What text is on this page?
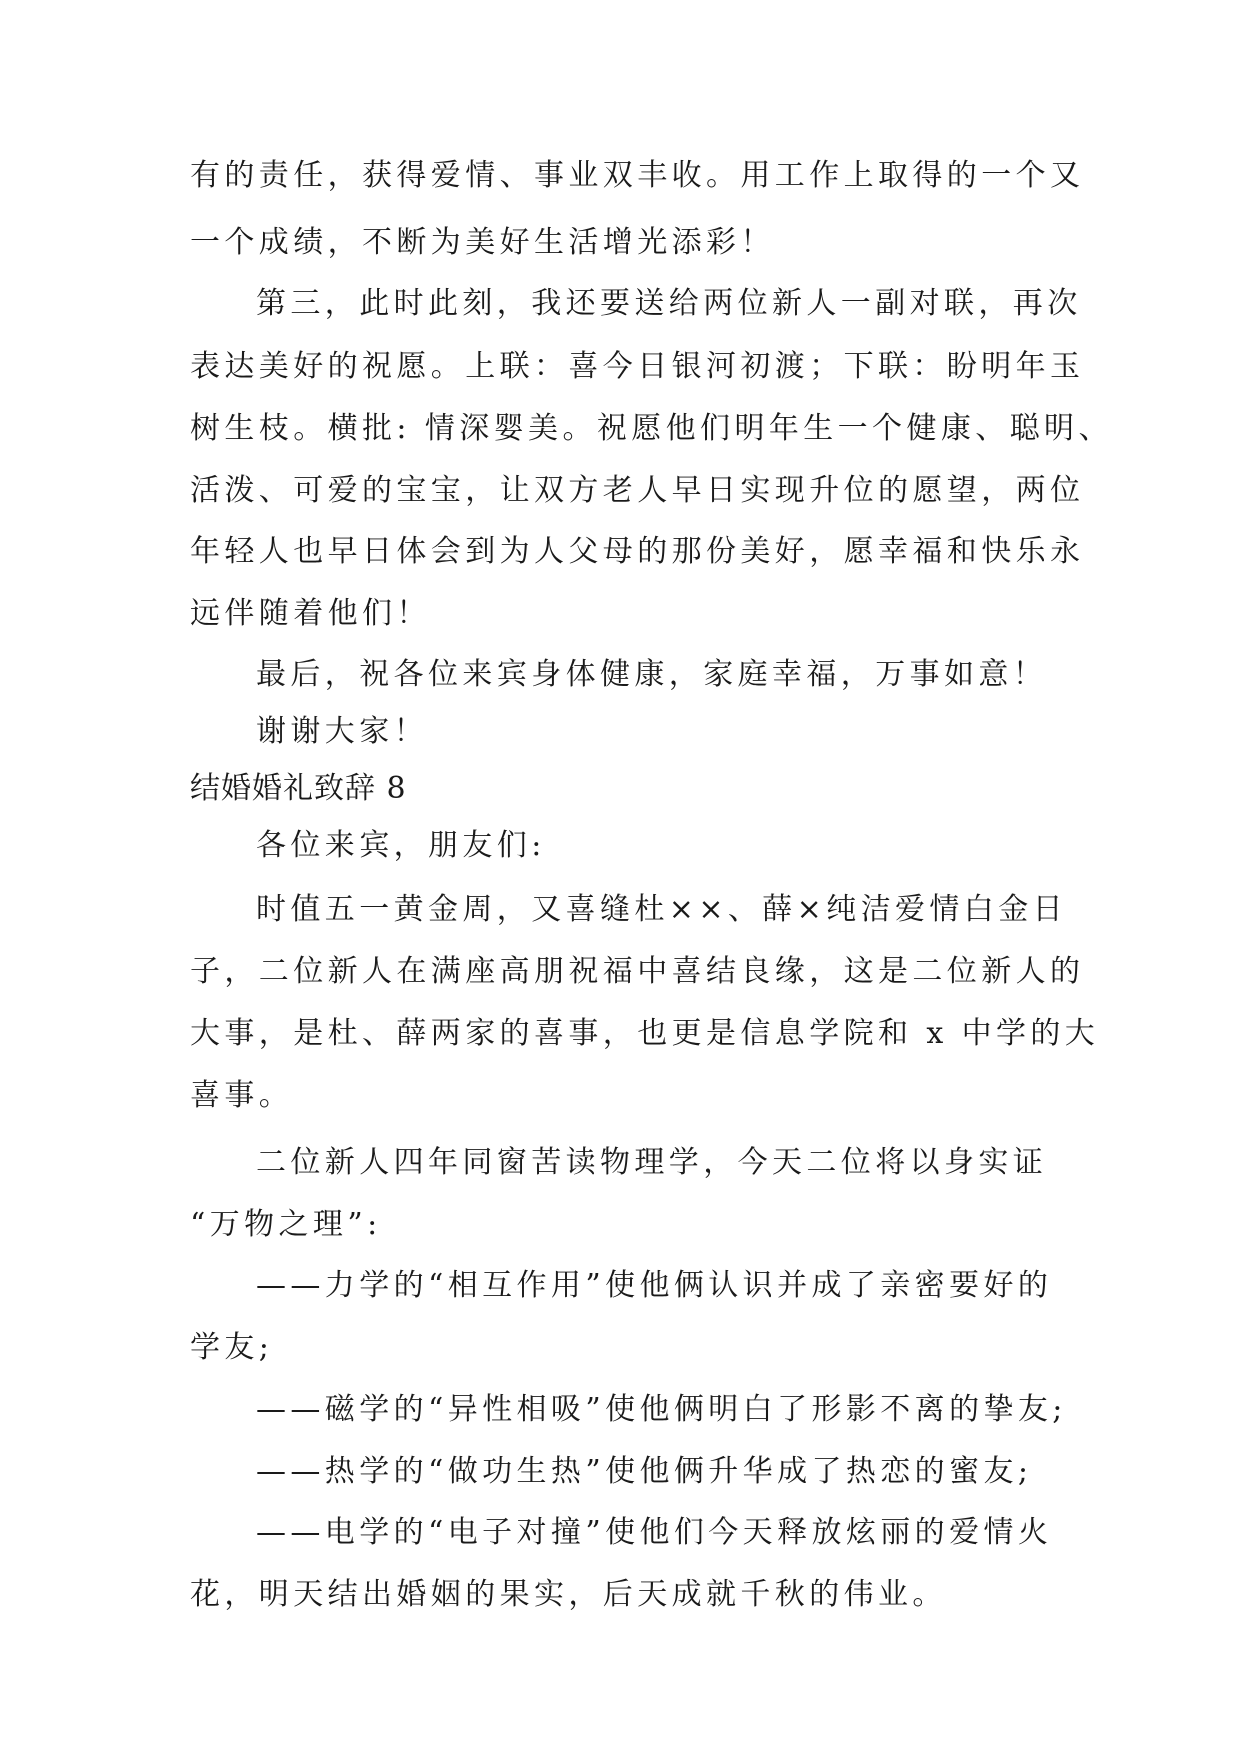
有的责任，获得爱情、事业双丰收。用工作上取得的一个又
一个成绩，不断为美好生活增光添彩！
第三，此时此刻，我还要送给两位新人一副对联，再次
表达美好的祝愿。上联：喜今日银河初渡；下联：盼明年玉
树生枝。横批: 情深婴美。祝愿他们明年生一个健康、聪明、
活泼、可爱的宝宝，让双方老人早日实现升位的愿望，两位
年轻人也早日体会到为人父母的那份美好，愿幸福和快乐永
远伴随着他们！
最后，祝各位来宾身体健康，家庭幸福，万事如意！
谢谢大家！
结婚婚礼致辞 8
各位来宾，朋友们:
时值五一黄金周，又喜缝杜××、薛×纯洁爱情白金日
子，二位新人在满座高朋祝福中喜结良缘，这是二位新人的
大事，是杜、薛两家的喜事，也更是信息学院和 x 中学的大
喜事。
二位新人四年同窗苦读物理学，今天二位将以身实证
“万物之理”:
——力学的“相互作用”使他俩认识并成了亲密要好的
学友;
——磁学的“异性相吸”使他俩明白了形影不离的挚友;
——热学的“做功生热”使他俩升华成了热恋的蜜友;
——电学的“电子对撞”使他们今天释放炫丽的爱情火
花，明天结出婚姻的果实，后天成就千秋的伟业。
